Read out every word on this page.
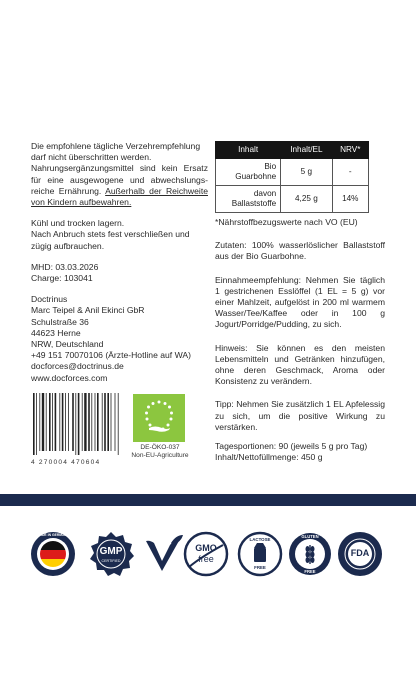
Die empfohlene tägliche Verzehrempfehlung
darf nicht überschritten werden.
Nahrungsergänzungsmittel sind kein Ersatz für eine ausgewogene und abwechslungs-reiche Ernährung. Außerhalb der Reichweite von Kindern aufbewahren.
Kühl und trocken lagern.
Nach Anbruch stets fest verschließen und zügig aufbrauchen.
MHD: 03.03.2026
Charge: 103041
Doctrinus
Marc Teipel & Anil Ekinci GbR
Schulstraße 36
44623 Herne
NRW, Deutschland
+49 151 70070106 (Ärzte-Hotline auf WA)
docforces@doctrinus.de
www.docforces.com
Inhalt	Inhalt/EL	NRV*
Bio
Guarbohne	5 g	-
davon
Ballaststoffe	4,25 g	14%
*Nährstoffbezugswerte nach VO (EU)
Zutaten: 100% wasserlöslicher Ballaststoff aus der Bio Guarbohne.
Einnahmeempfehlung: Nehmen Sie täglich 1 gestrichenen Esslöffel (1 EL = 5 g) vor einer Mahlzeit, aufgelöst in 200 ml warmem Wasser/Tee/Kaffee oder in 100 g Jogurt/Porridge/Pudding, zu sich.
Hinweis: Sie können es den meisten Lebensmitteln und Getränken hinzufügen, ohne deren Geschmack, Aroma oder Konsistenz zu verändern.
Tipp: Nehmen Sie zusätzlich 1 EL Apfelessig zu sich, um die positive Wirkung zu verstärken.
Tagesportionen: 90 (jeweils 5 g pro Tag)
Inhalt/Nettofüllmenge: 450 g
4 270004 470604
DE-ÖKO-037
Non-EU-Agriculture
MADE IN GERMANY
GMP
CERTIFIED
GMO
free
LACTOSE
FREE
GLUTEN
FREE
FDA
